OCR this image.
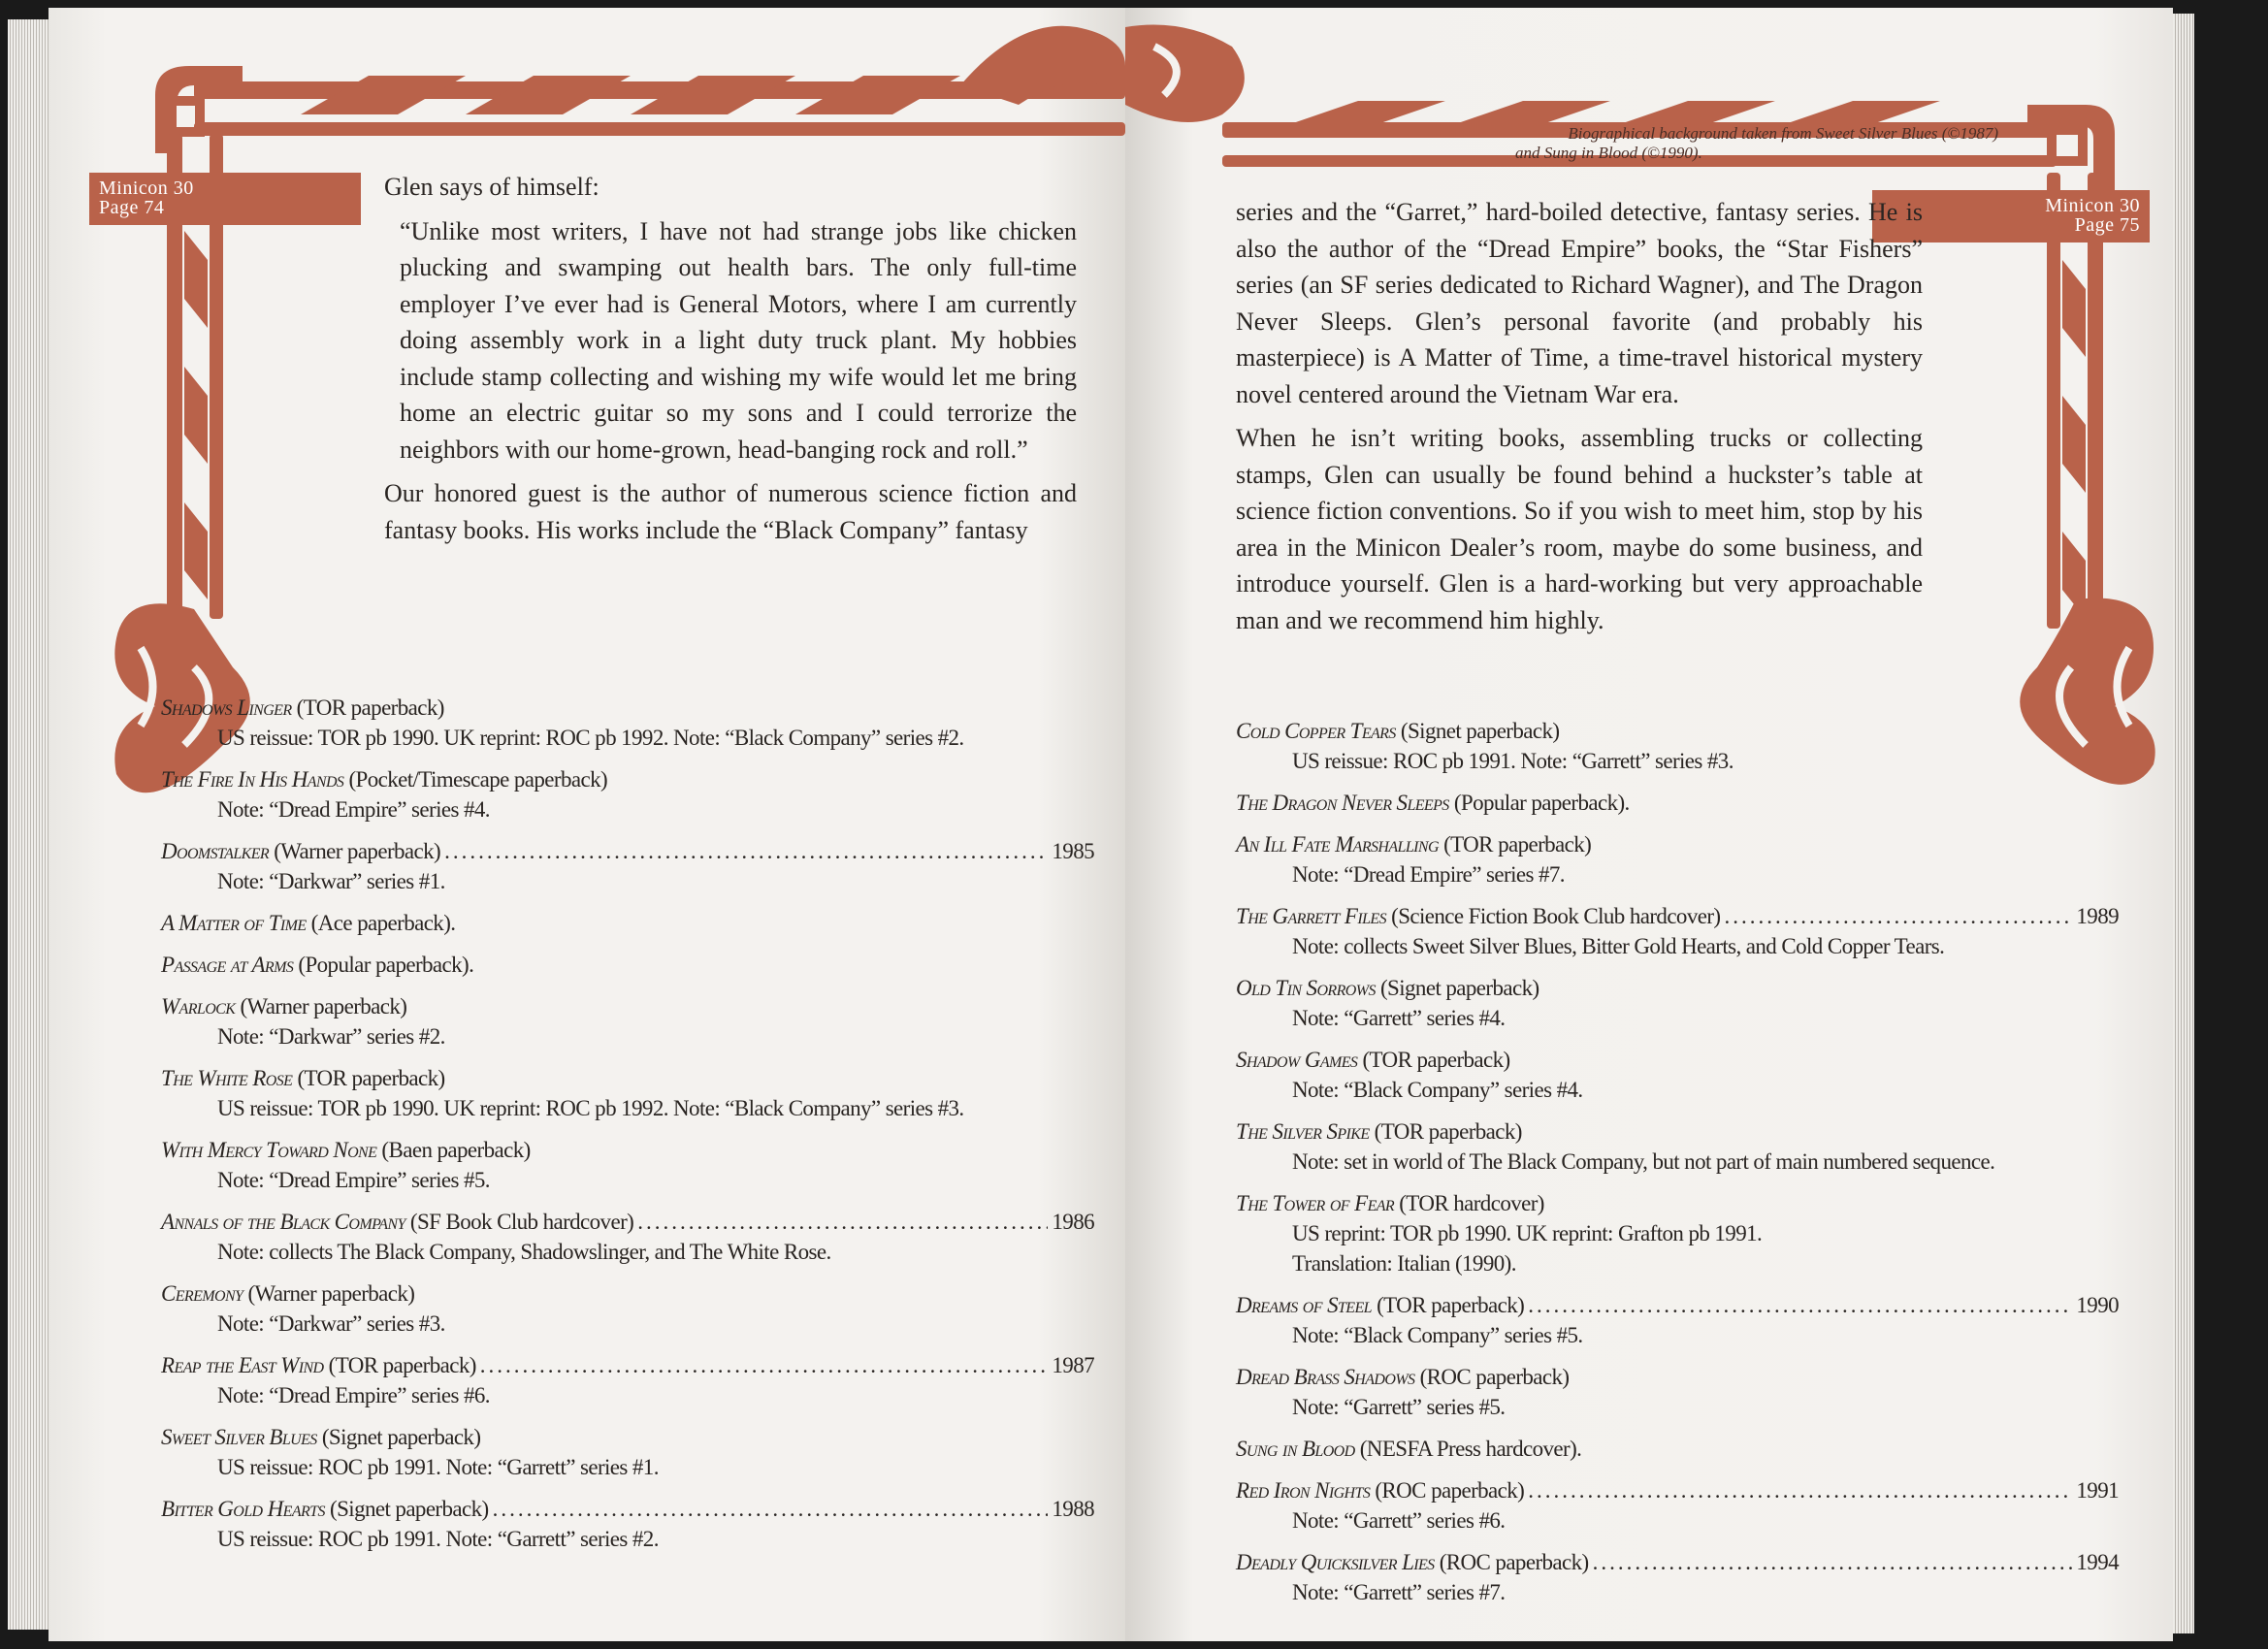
Minicon 30
Page 74

Glen says of himself:

“Unlike most writers, I have not had strange jobs like chicken plucking and swamping out health bars. The only full-time employer I’ve ever had is General Motors, where I am currently doing assembly work in a light duty truck plant. My hobbies include stamp collecting and wishing my wife would let me bring home an electric guitar so my sons and I could terrorize the neighbors with our home-grown, head-banging rock and roll.”

Our honored guest is the author of numerous science fiction and fantasy books. His works include the “Black Company” fantasy

Shadows Linger (TOR paperback)
US reissue: TOR pb 1990. UK reprint: ROC pb 1992. Note: “Black Company” series #2.
The Fire In His Hands (Pocket/Timescape paperback)
Note: “Dread Empire” series #4.
Doomstalker (Warner paperback) .....	1985
Note: “Darkwar” series #1.
A Matter of Time (Ace paperback).
Passage at Arms (Popular paperback).
Warlock (Warner paperback)
Note: “Darkwar” series #2.
The White Rose (TOR paperback)
US reissue: TOR pb 1990. UK reprint: ROC pb 1992. Note: “Black Company” series #3.
With Mercy Toward None (Baen paperback)
Note: “Dread Empire” series #5.
Annals of the Black Company (SF Book Club hardcover) .....	1986
Note: collects The Black Company, Shadowslinger, and The White Rose.
Ceremony (Warner paperback)
Note: “Darkwar” series #3.
Reap the East Wind (TOR paperback) .....	1987
Note: “Dread Empire” series #6.
Sweet Silver Blues (Signet paperback)
US reissue: ROC pb 1991. Note: “Garrett” series #1.
Bitter Gold Hearts (Signet paperback) .....	1988
US reissue: ROC pb 1991. Note: “Garrett” series #2.
Biographical background taken from Sweet Silver Blues (©1987)
and Sung in Blood (©1990).
Minicon 30
Page 75

series and the “Garret,” hard-boiled detective, fantasy series. He is also the author of the “Dread Empire” books, the “Star Fishers” series (an SF series dedicated to Richard Wagner), and The Dragon Never Sleeps. Glen’s personal favorite (and probably his masterpiece) is A Matter of Time, a time-travel historical mystery novel centered around the Vietnam War era.

When he isn’t writing books, assembling trucks or collecting stamps, Glen can usually be found behind a huckster’s table at science fiction conventions. So if you wish to meet him, stop by his area in the Minicon Dealer’s room, maybe do some business, and introduce yourself. Glen is a hard-working but very approachable man and we recommend him highly.

Cold Copper Tears (Signet paperback)
US reissue: ROC pb 1991. Note: “Garrett” series #3.
The Dragon Never Sleeps (Popular paperback).
An Ill Fate Marshalling (TOR paperback)
Note: “Dread Empire” series #7.
The Garrett Files (Science Fiction Book Club hardcover) .....	1989
Note: collects Sweet Silver Blues, Bitter Gold Hearts, and Cold Copper Tears.
Old Tin Sorrows (Signet paperback)
Note: “Garrett” series #4.
Shadow Games (TOR paperback)
Note: “Black Company” series #4.
The Silver Spike (TOR paperback)
Note: set in world of The Black Company, but not part of main numbered sequence.
The Tower of Fear (TOR hardcover)
US reprint: TOR pb 1990. UK reprint: Grafton pb 1991.
Translation: Italian (1990).
Dreams of Steel (TOR paperback) .....	1990
Note: “Black Company” series #5.
Dread Brass Shadows (ROC paperback)
Note: “Garrett” series #5.
Sung in Blood (NESFA Press hardcover).
Red Iron Nights (ROC paperback) .....	1991
Note: “Garrett” series #6.
Deadly Quicksilver Lies (ROC paperback) .....	1994
Note: “Garrett” series #7.
